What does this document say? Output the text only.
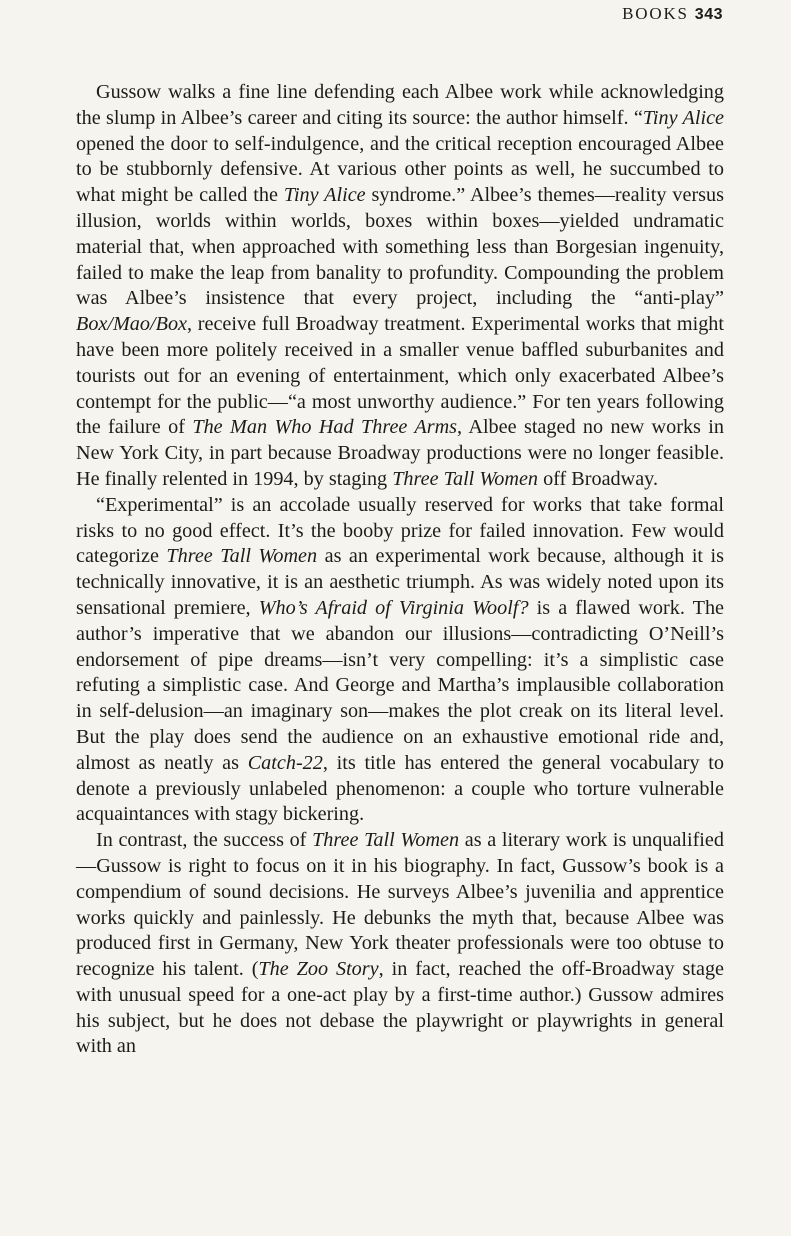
BOOKS 343

Gussow walks a fine line defending each Albee work while acknowledging the slump in Albee’s career and citing its source: the author himself. “Tiny Alice opened the door to self-indulgence, and the critical reception encouraged Albee to be stubbornly defensive. At various other points as well, he succumbed to what might be called the Tiny Alice syndrome.” Albee’s themes—reality versus illusion, worlds within worlds, boxes within boxes—yielded undramatic material that, when approached with something less than Borgesian ingenuity, failed to make the leap from banality to profundity. Compounding the problem was Albee’s insistence that every project, including the “anti-play” Box/Mao/Box, receive full Broadway treatment. Experimental works that might have been more politely received in a smaller venue baffled suburbanites and tourists out for an evening of entertainment, which only exacerbated Albee’s contempt for the public—“a most unworthy audience.” For ten years following the failure of The Man Who Had Three Arms, Albee staged no new works in New York City, in part because Broadway productions were no longer feasible. He finally relented in 1994, by staging Three Tall Women off Broadway.

“Experimental” is an accolade usually reserved for works that take formal risks to no good effect. It’s the booby prize for failed innovation. Few would categorize Three Tall Women as an experimental work because, although it is technically innovative, it is an aesthetic triumph. As was widely noted upon its sensational premiere, Who’s Afraid of Virginia Woolf? is a flawed work. The author’s imperative that we abandon our illusions—contradicting O’Neill’s endorsement of pipe dreams—isn’t very compelling: it’s a simplistic case refuting a simplistic case. And George and Martha’s implausible collaboration in self-delusion—an imaginary son—makes the plot creak on its literal level. But the play does send the audience on an exhaustive emotional ride and, almost as neatly as Catch-22, its title has entered the general vocabulary to denote a previously unlabeled phenomenon: a couple who torture vulnerable acquaintances with stagy bickering.

In contrast, the success of Three Tall Women as a literary work is unqualified—Gussow is right to focus on it in his biography. In fact, Gussow’s book is a compendium of sound decisions. He surveys Albee’s juvenilia and apprentice works quickly and painlessly. He debunks the myth that, because Albee was produced first in Germany, New York theater professionals were too obtuse to recognize his talent. (The Zoo Story, in fact, reached the off-Broadway stage with unusual speed for a one-act play by a first-time author.) Gussow admires his subject, but he does not debase the playwright or playwrights in general with an
